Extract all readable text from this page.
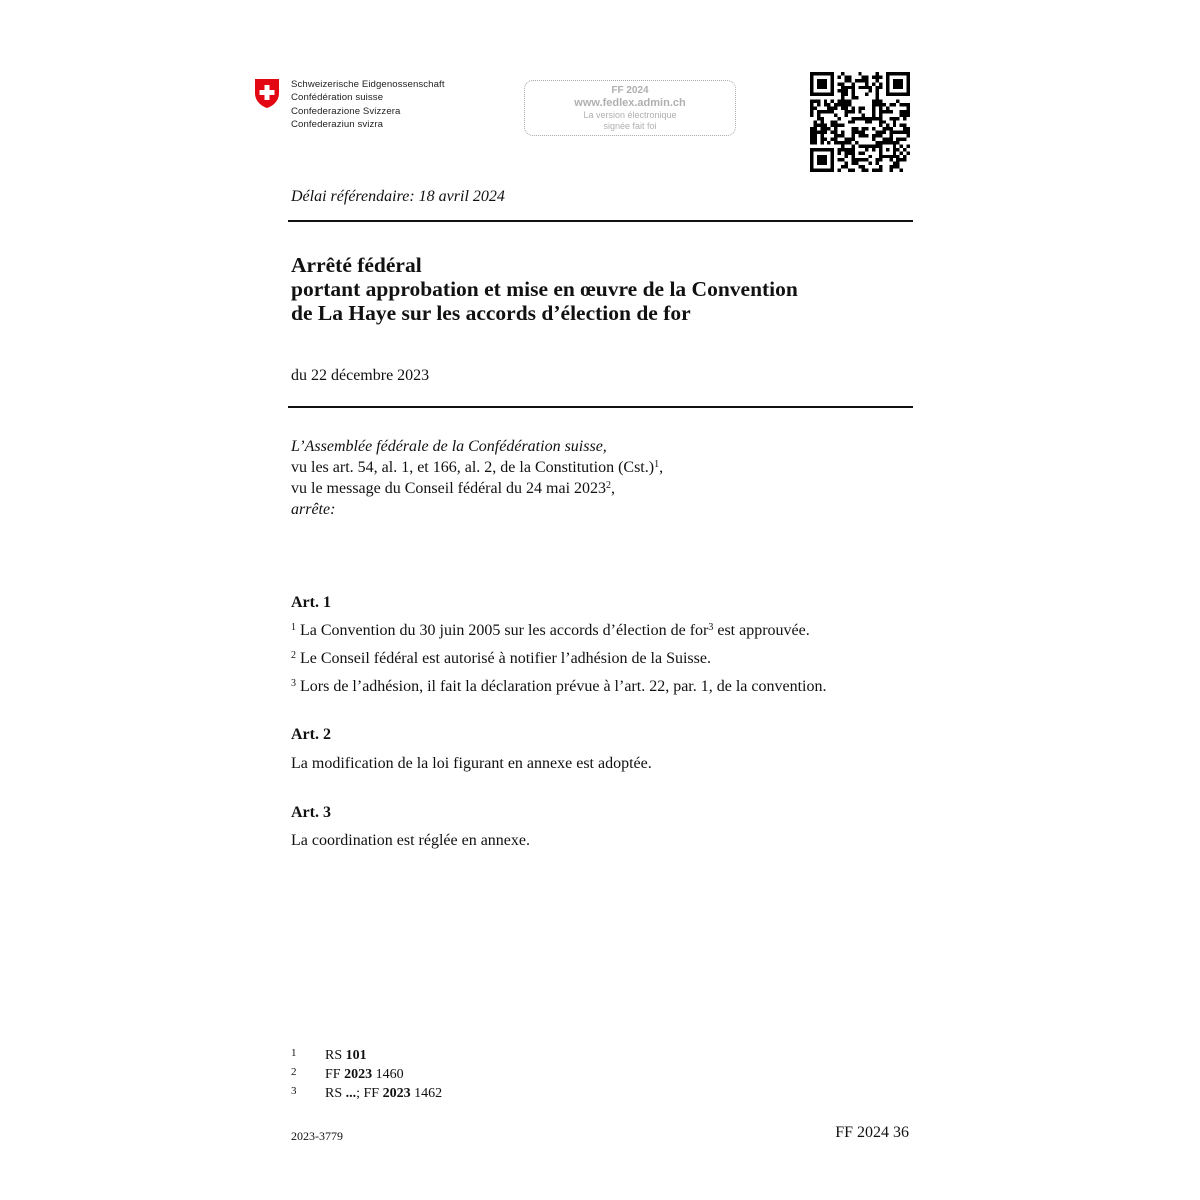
Schweizerische Eidgenossenschaft
Confédération suisse
Confederazione Svizzera
Confederaziun svizra
FF 2024
www.fedlex.admin.ch
La version électronique
signée fait foi
Délai référendaire: 18 avril 2024
Arrêté fédéral
portant approbation et mise en œuvre de la Convention
de La Haye sur les accords d’élection de for
du 22 décembre 2023
L’Assemblée fédérale de la Confédération suisse,
vu les art. 54, al. 1, et 166, al. 2, de la Constitution $(Cst.)^1$,
vu le message du Conseil fédéral du 24 mai 2023$^2$,
arrête:
Art. 1
$^1$ La Convention du 30 juin 2005 sur les accords d’élection de for$^3$ est approuvée.
$^2$ Le Conseil fédéral est autorisé à notifier l’adhésion de la Suisse.
$^3$ Lors de l’adhésion, il fait la déclaration prévue à l’art. 22, par. 1, de la convention.
Art. 2
La modification de la loi figurant en annexe est adoptée.
Art. 3
La coordination est réglée en annexe.
1 RS 101
2 FF 2023 1460
3 RS ...; FF 2023 1462
2023-3779	FF 2024 36
